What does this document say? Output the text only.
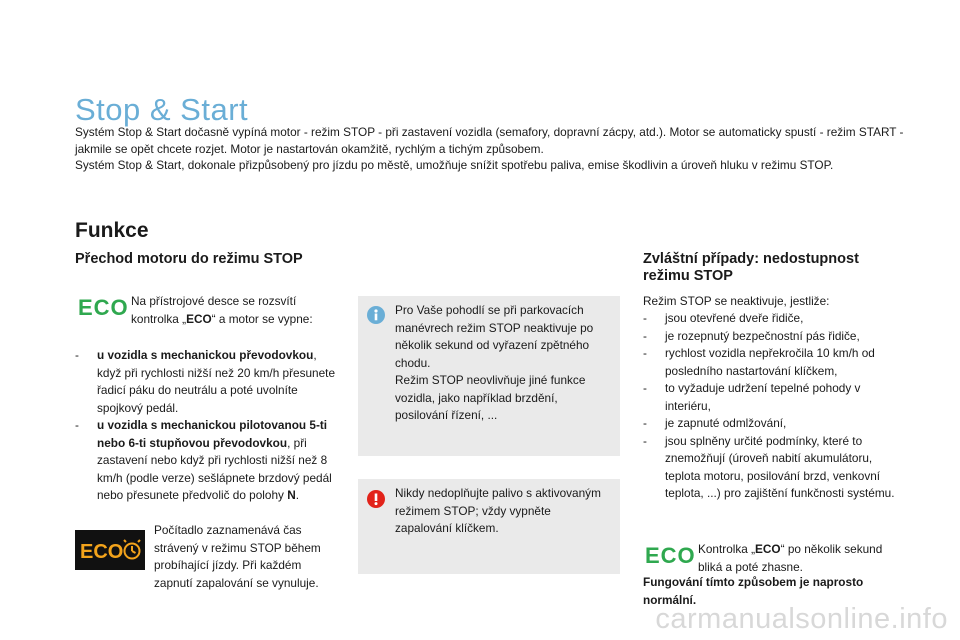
Stop & Start

Systém Stop & Start dočasně vypíná motor - režim STOP - při zastavení vozidla (semafory, dopravní zácpy, atd.). Motor se automaticky spustí - režim START - jakmile se opět chcete rozjet. Motor je nastartován okamžitě, rychlým a tichým způsobem.

Systém Stop & Start, dokonale přizpůsobený pro jízdu po městě, umožňuje snížit spotřebu paliva, emise škodlivin a úroveň hluku v režimu STOP.

Funkce
Přechod motoru do režimu STOP
ECO Na přístrojové desce se rozsvítí kontrolka „ECO“ a motor se vypne:
- u vozidla s mechanickou převodovkou, když při rychlosti nižší než 20 km/h přesunete řadicí páku do neutrálu a poté uvolníte spojkový pedál.
- u vozidla s mechanickou pilotovanou 5-ti nebo 6-ti stupňovou převodovkou, při zastavení nebo když při rychlosti nižší než 8 km/h (podle verze) sešlápnete brzdový pedál nebo přesunete předvolič do polohy N.
ECO
Počítadlo zaznamenává čas strávený v režimu STOP během probíhající jízdy. Při každém zapnutí zapalování se vynuluje.
Pro Vaše pohodlí se při parkovacích manévrech režim STOP neaktivuje po několik sekund od vyřazení zpětného chodu.
Režim STOP neovlivňuje jiné funkce vozidla, jako například brzdění, posilování řízení, ...
Nikdy nedoplňujte palivo s aktivovaným režimem STOP; vždy vypněte zapalování klíčkem.
Zvláštní případy: nedostupnost režimu STOP
Režim STOP se neaktivuje, jestliže:
- jsou otevřené dveře řidiče,
- je rozepnutý bezpečnostní pás řidiče,
- rychlost vozidla nepřekročila 10 km/h od posledního nastartování klíčkem,
- to vyžaduje udržení tepelné pohody v interiéru,
- je zapnuté odmlžování,
- jsou splněny určité podmínky, které to znemožňují (úroveň nabití akumulátoru, teplota motoru, posilování brzd, venkovní teplota, ...) pro zajištění funkčnosti systému.
ECO Kontrolka „ECO“ po několik sekund bliká a poté zhasne.
Fungování tímto způsobem je naprosto normální.
carmanualsonline.info
